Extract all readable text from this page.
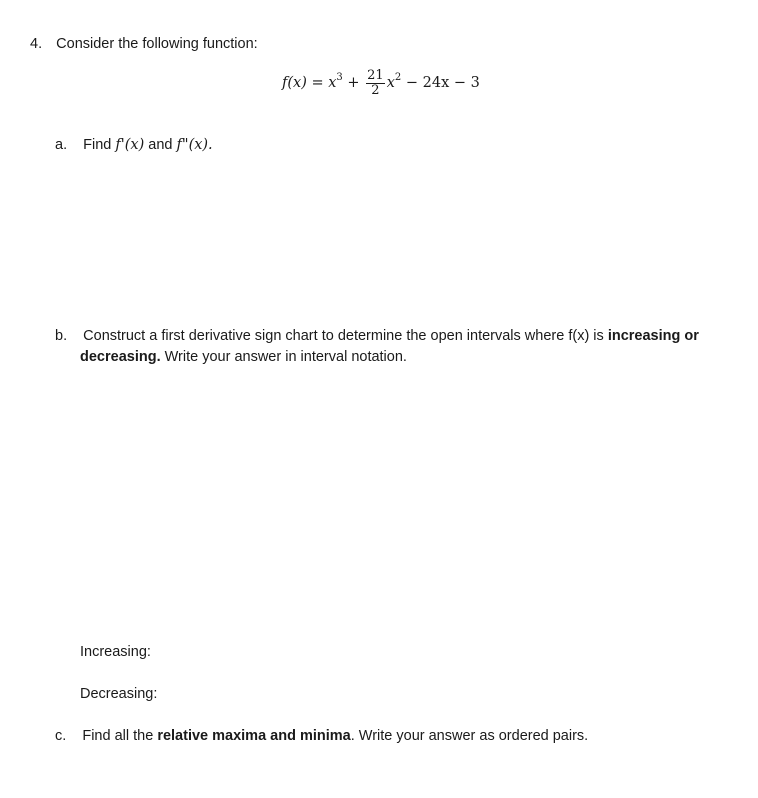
4. Consider the following function:
$f(x) = x^3 + \frac{21}{2} x^2 - 24x - 3$
a. Find f'(x) and f"(x).
b. Construct a first derivative sign chart to determine the open intervals where f(x) is increasing or
decreasing. Write your answer in interval notation.
Increasing:
Decreasing:
c. Find all the relative maxima and minima. Write your answer as ordered pairs.
